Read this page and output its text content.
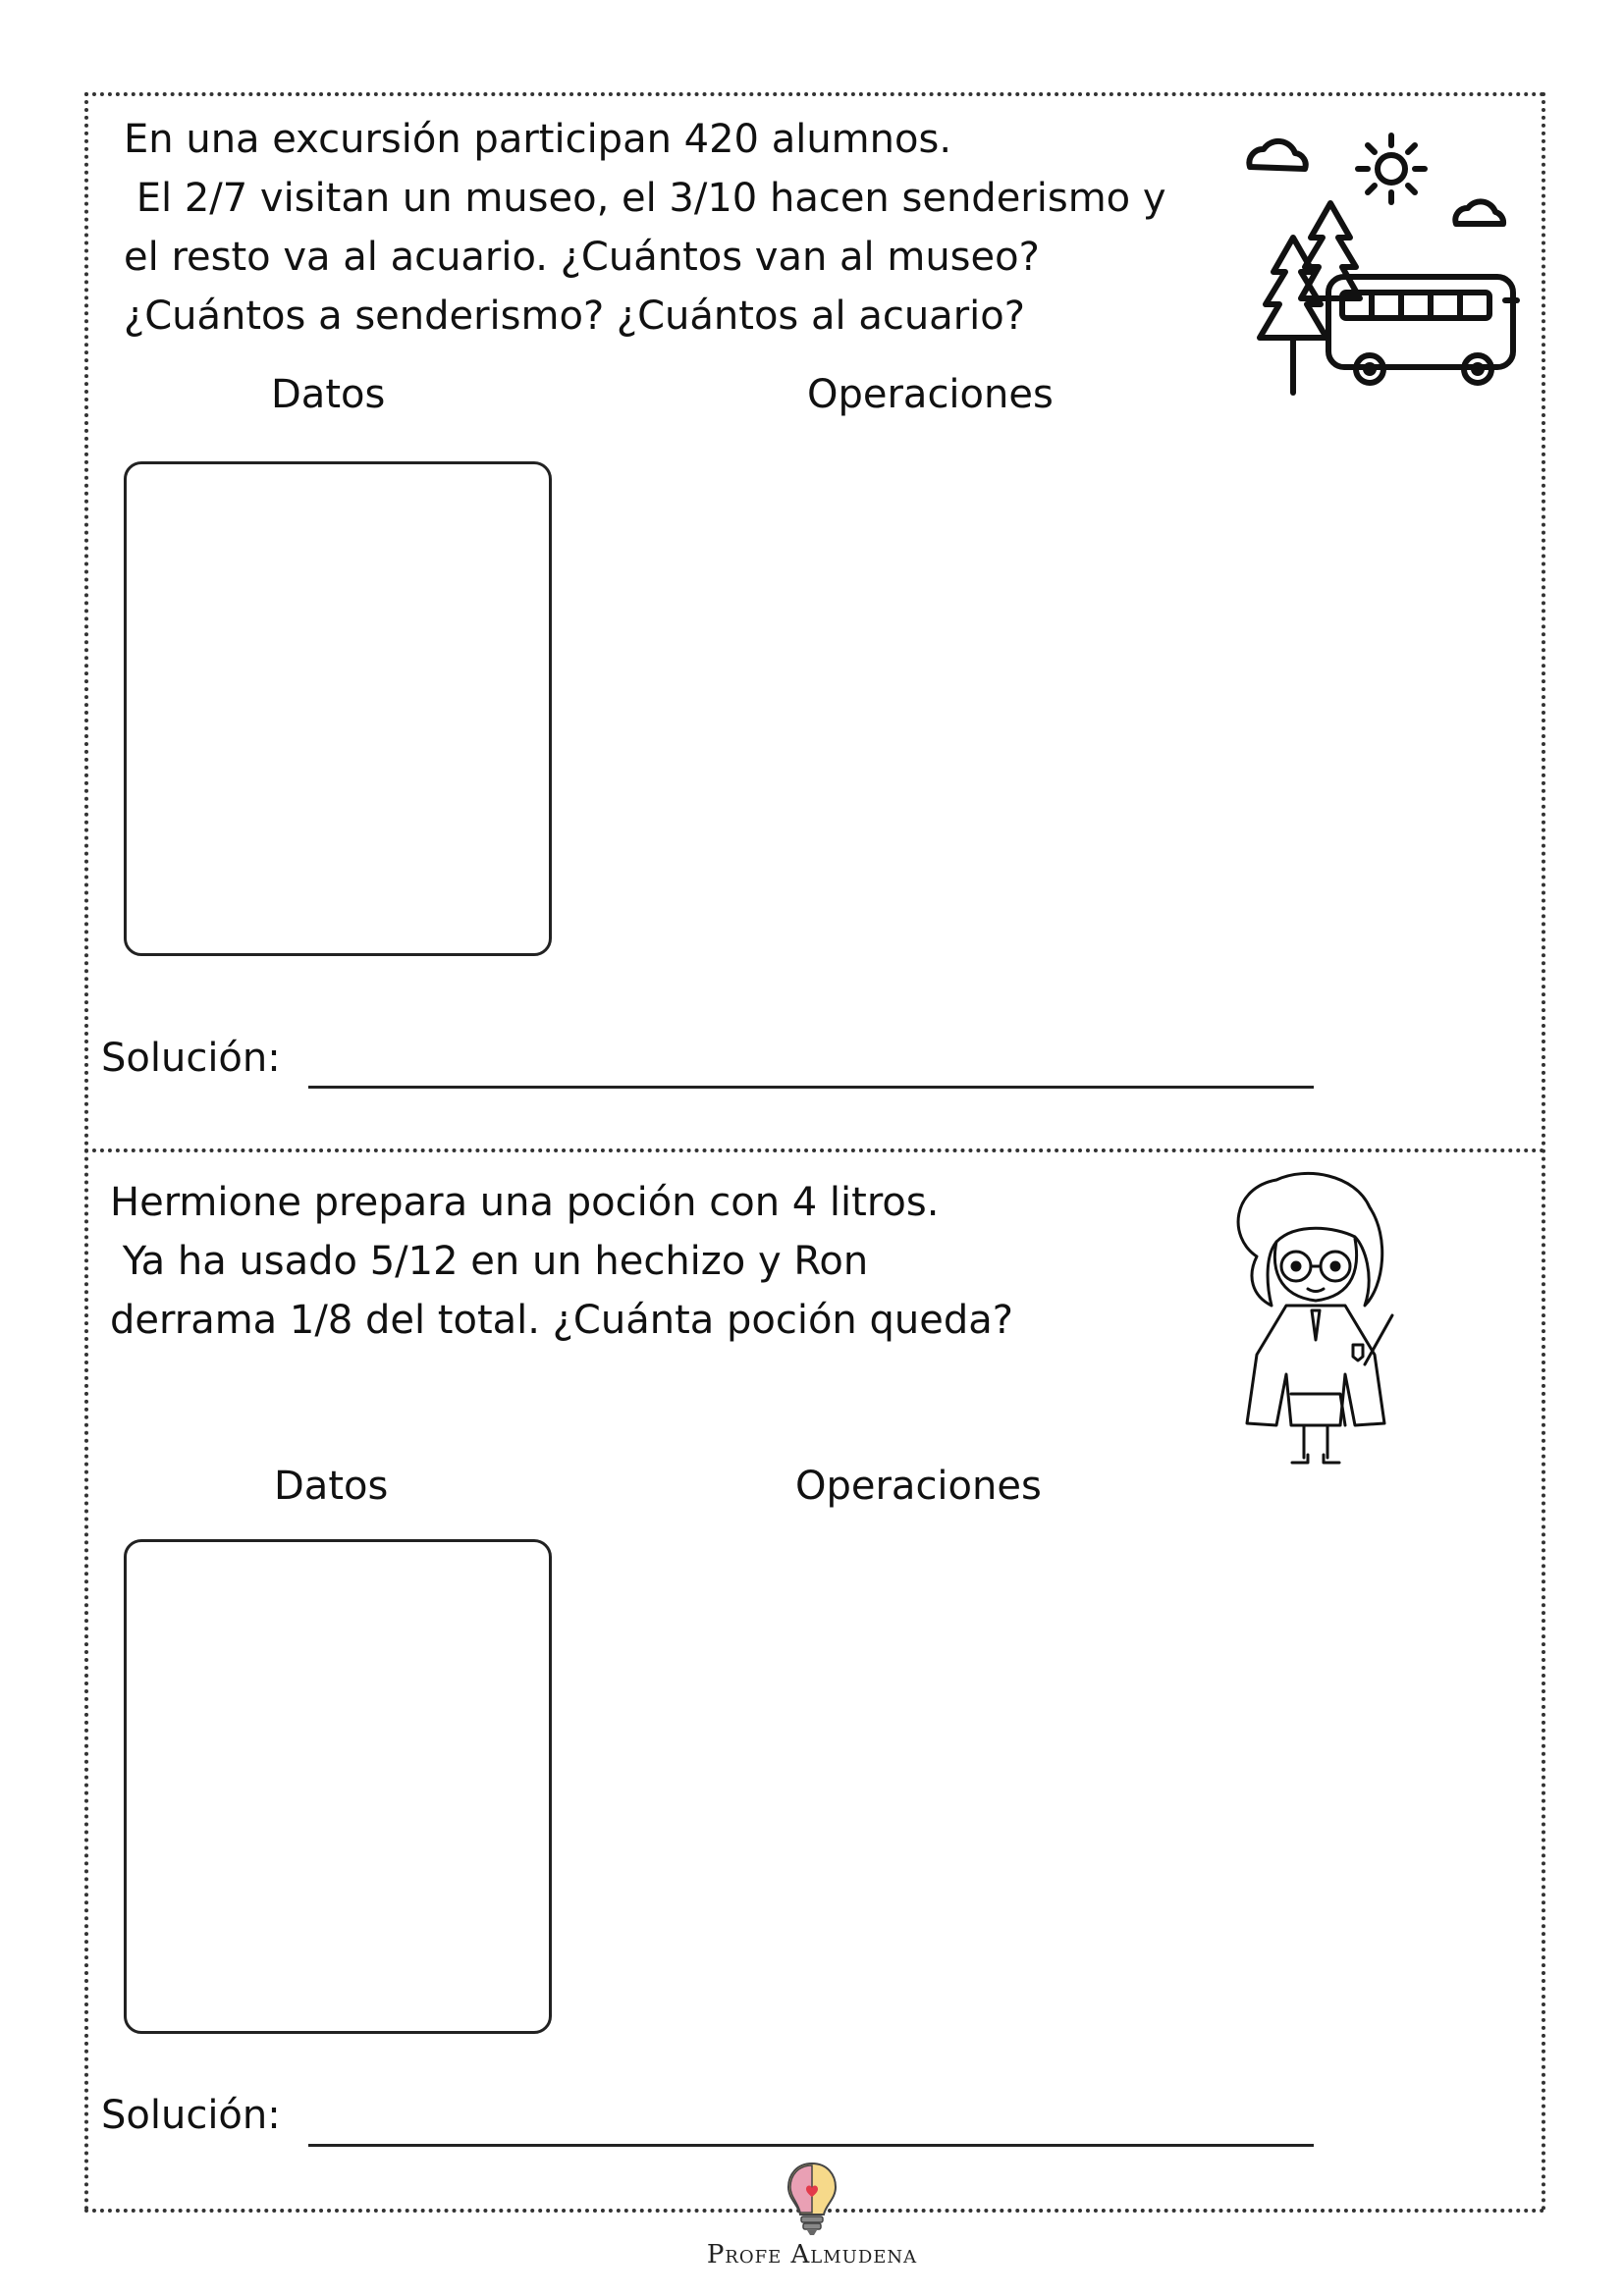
En una excursión participan 420 alumnos.
El 2/7 visitan un museo, el 3/10 hacen senderismo y
el resto va al acuario. ¿Cuántos van al museo?
¿Cuántos a senderismo? ¿Cuántos al acuario?

Datos	Operaciones
Solución:

Hermione prepara una poción con 4 litros.
Ya ha usado 5/12 en un hechizo y Ron
derrama 1/8 del total. ¿Cuánta poción queda?

Datos	Operaciones
Solución:
Profe Almudena
